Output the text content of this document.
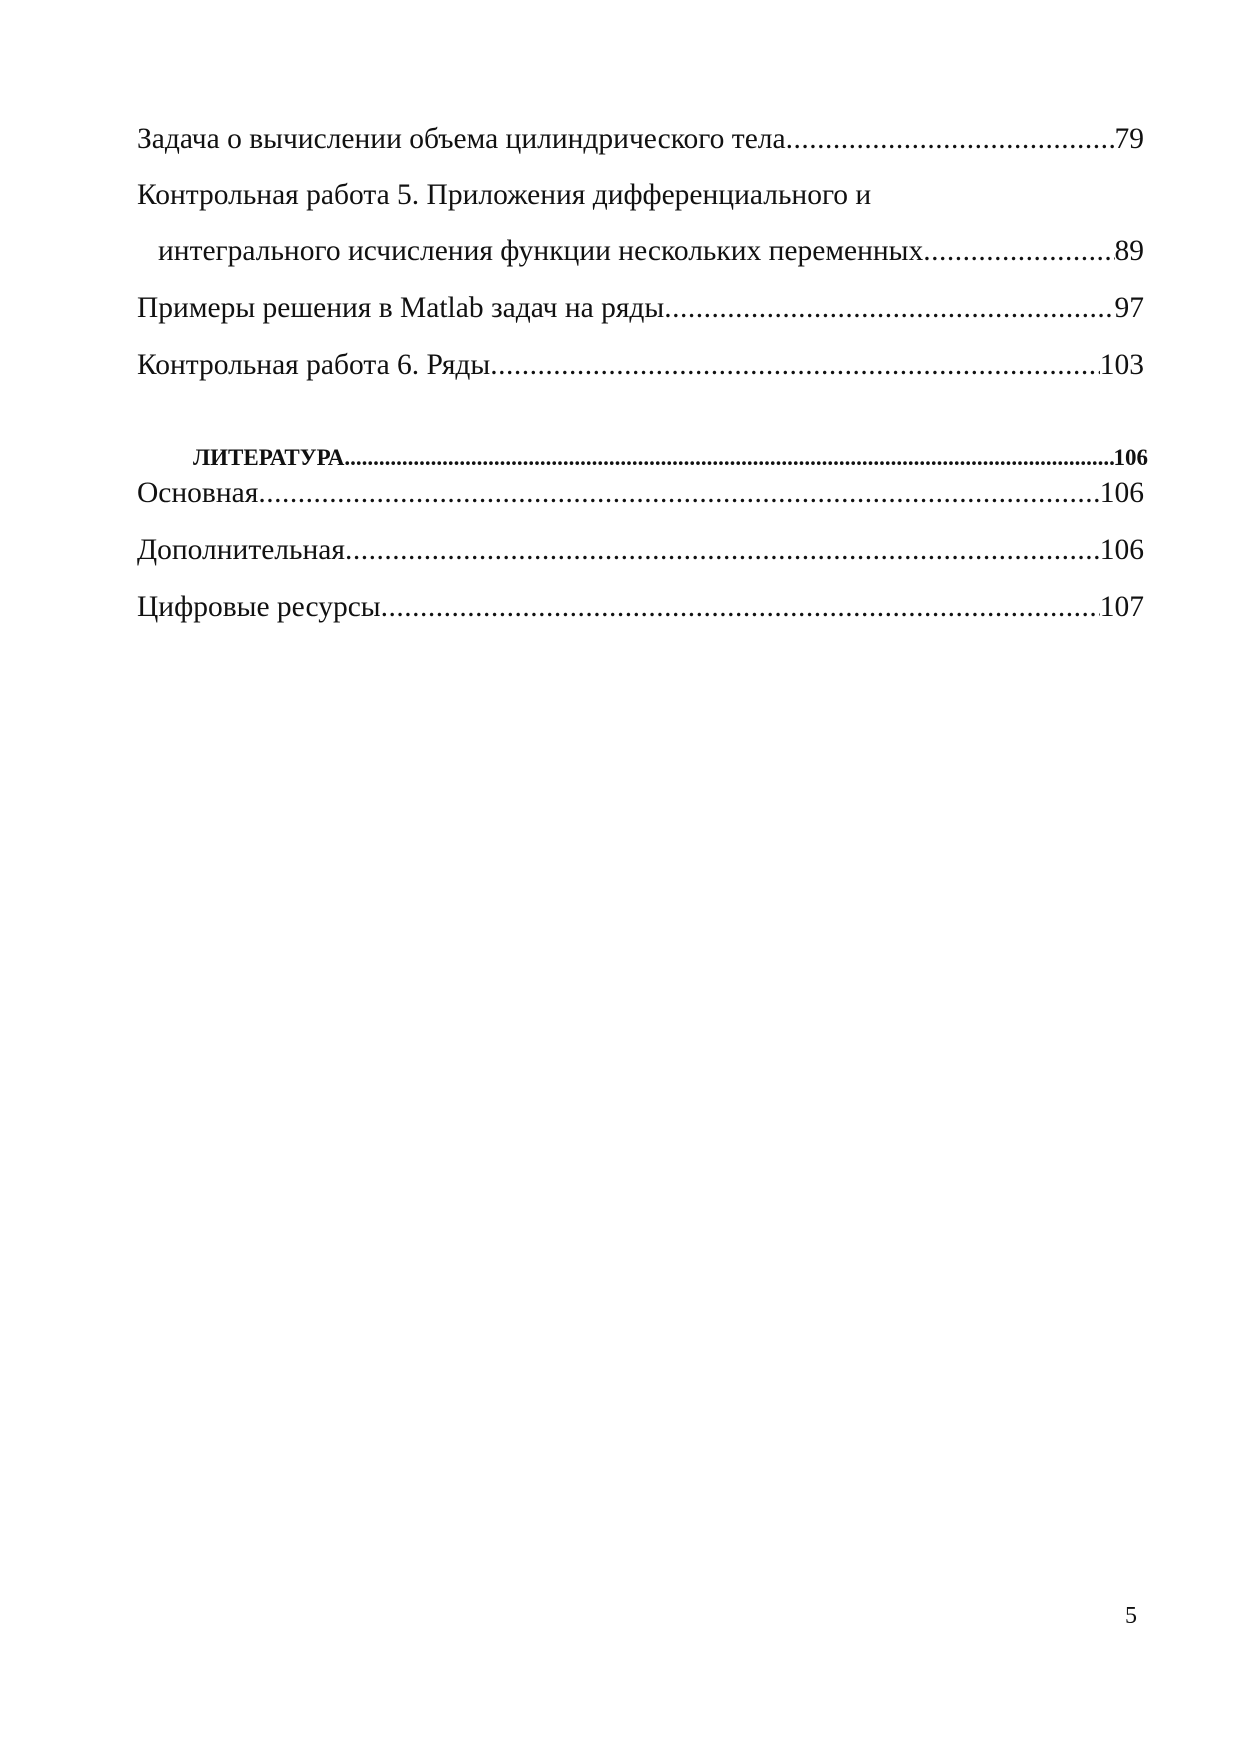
Задача о вычислении объема цилиндрического тела .....	79
Контрольная работа 5. Приложения дифференциального и
интегрального исчисления функции нескольких переменных .....	89
Примеры решения в Matlab задач на ряды .....	97
Контрольная работа 6. Ряды .....	103
ЛИТЕРАТУРА .....	106
Основная .....	106
Дополнительная .....	106
Цифровые ресурсы .....	107
5
